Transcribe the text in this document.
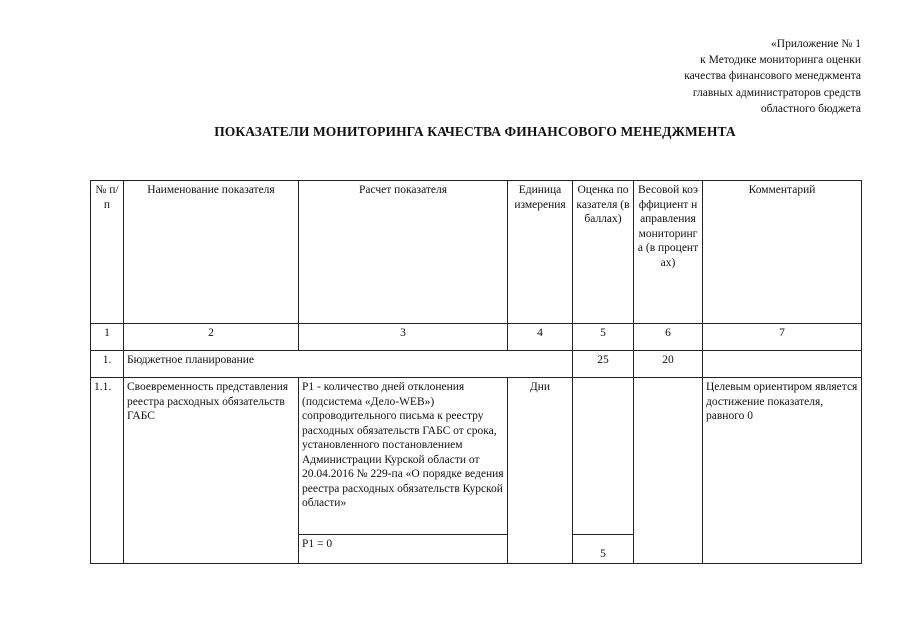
«Приложение № 1
к Методике мониторинга оценки
качества финансового менеджмента
главных администраторов средств
областного бюджета
ПОКАЗАТЕЛИ МОНИТОРИНГА КАЧЕСТВА ФИНАНСОВОГО МЕНЕДЖМЕНТА
№ п/п	Наименование показателя	Расчет показателя	Единица измерения	Оценка показателя (в баллах)	Весовой коэффициент направления мониторинга (в процентах)	Комментарий
1	2	3	4	5	6	7
1.	Бюджетное планирование			25	20	
1.1.	Своевременность представления реестра расходных обязательств ГАБС	P1 - количество дней отклонения (подсистема «Дело-WEB») сопроводительного письма к реестру расходных обязательств ГАБС от срока, установленного постановлением Администрации Курской области от 20.04.2016 № 229-па «О порядке ведения реестра расходных обязательств Курской области»	Дни			Целевым ориентиром является достижение показателя, равного 0
		P1 = 0		5		
